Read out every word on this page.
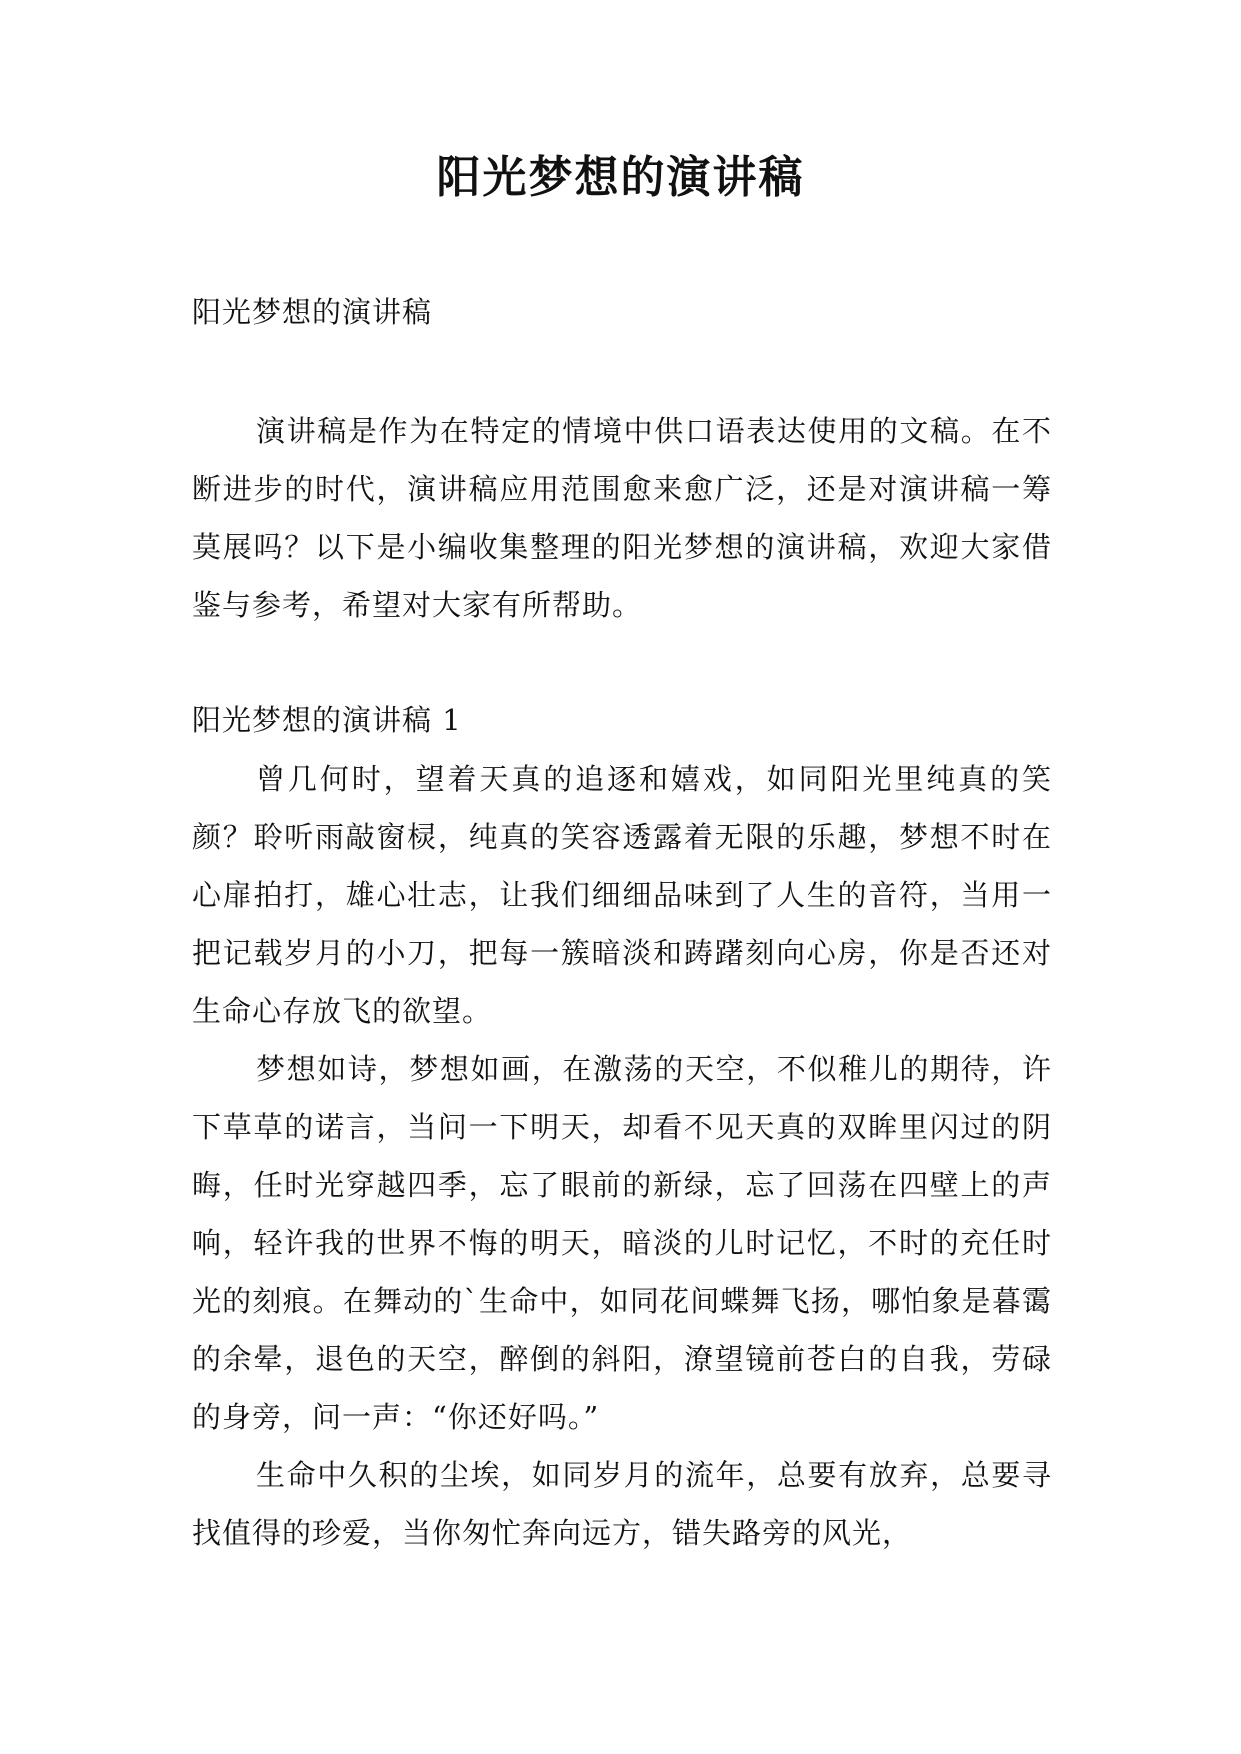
阳光梦想的演讲稿

阳光梦想的演讲稿

演讲稿是作为在特定的情境中供口语表达使用的文稿。在不断进步的时代，演讲稿应用范围愈来愈广泛，还是对演讲稿一筹莫展吗？以下是小编收集整理的阳光梦想的演讲稿，欢迎大家借鉴与参考，希望对大家有所帮助。

阳光梦想的演讲稿 1

曾几何时，望着天真的追逐和嬉戏，如同阳光里纯真的笑颜？聆听雨敲窗棂，纯真的笑容透露着无限的乐趣，梦想不时在心扉拍打，雄心壮志，让我们细细品味到了人生的音符，当用一把记载岁月的小刀，把每一簇暗淡和踌躇刻向心房，你是否还对生命心存放飞的欲望。

梦想如诗，梦想如画，在激荡的天空，不似稚儿的期待，许下草草的诺言，当问一下明天，却看不见天真的双眸里闪过的阴晦，任时光穿越四季，忘了眼前的新绿，忘了回荡在四壁上的声响，轻许我的世界不悔的明天，暗淡的儿时记忆，不时的充任时光的刻痕。在舞动的`生命中，如同花间蝶舞飞扬，哪怕象是暮霭的余晕，退色的天空，醉倒的斜阳，潦望镜前苍白的自我，劳碌的身旁，问一声：“你还好吗。”

生命中久积的尘埃，如同岁月的流年，总要有放弃，总要寻找值得的珍爱，当你匆忙奔向远方，错失路旁的风光，
